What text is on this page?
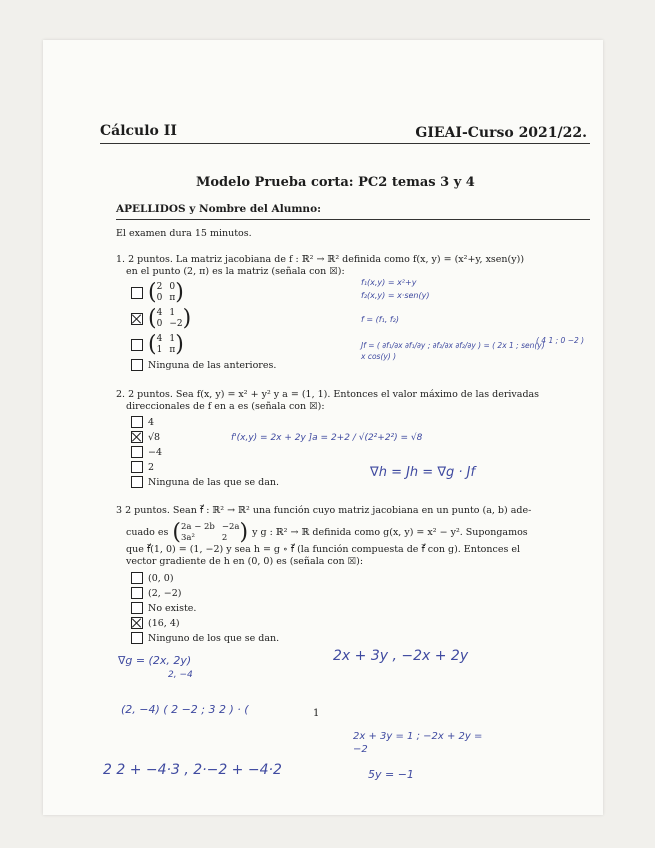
Cálculo II	GIEAI-Curso 2021/22.
Modelo Prueba corta: PC2 temas 3 y 4
APELLIDOS y Nombre del Alumno:
El examen dura 15 minutos.
1. 2 puntos. La matriz jacobiana de f : ℝ² → ℝ² definida como f(x, y) = (x²+y, xsen(y))
en el punto (2, π) es la matriz (señala con ☒):
( 2 0
0 π )
( 4 1
0 −2 )
( 4 1
1 π )
Ninguna de las anteriores.
2. 2 puntos. Sea f(x, y) = x² + y² y a = (1, 1). Entonces el valor máximo de las derivadas
direccionales de f en a es (señala con ☒):
4
√8
−4
2
Ninguna de las que se dan.
3 2 puntos. Sean f⃗ : ℝ² → ℝ² una función cuyo matriz jacobiana en un punto (a, b) ade-
cuado es ( 2a − 2b −2a
3a²	2 ) y g : ℝ² → ℝ definida como g(x, y) = x² − y². Supongamos
que f⃗(1, 0) = (1, −2) y sea h = g ∘ f⃗ (la función compuesta de f⃗ con g). Entonces el
vector gradiente de h en (0, 0) es (señala con ☒):
(0, 0)
(2, −2)
No existe.
(16, 4)
Ninguno de los que se dan.
1
f₁(x,y) = x²+y
f₂(x,y) = x·sen(y)
f = (f₁, f₂)
Jf = ( ∂f₁/∂x ∂f₁/∂y ; ∂f₂/∂x ∂f₂/∂y ) = ( 2x 1 ; sen(y) x cos(y) )
( 4 1 ; 0 −2 )
f'(x,y) = 2x + 2y ]a = 2+2 / √(2²+2²) = √8
∇h = Jh = ∇g · Jf
∇g = (2x, 2y)
2, −4
(2, −4) ( 2 −2 ; 3 2 ) · (
2 2 + −4·3 , 2·−2 + −4·2
2x + 3y , −2x + 2y
2x + 3y = 1 ; −2x + 2y = −2
5y = −1
